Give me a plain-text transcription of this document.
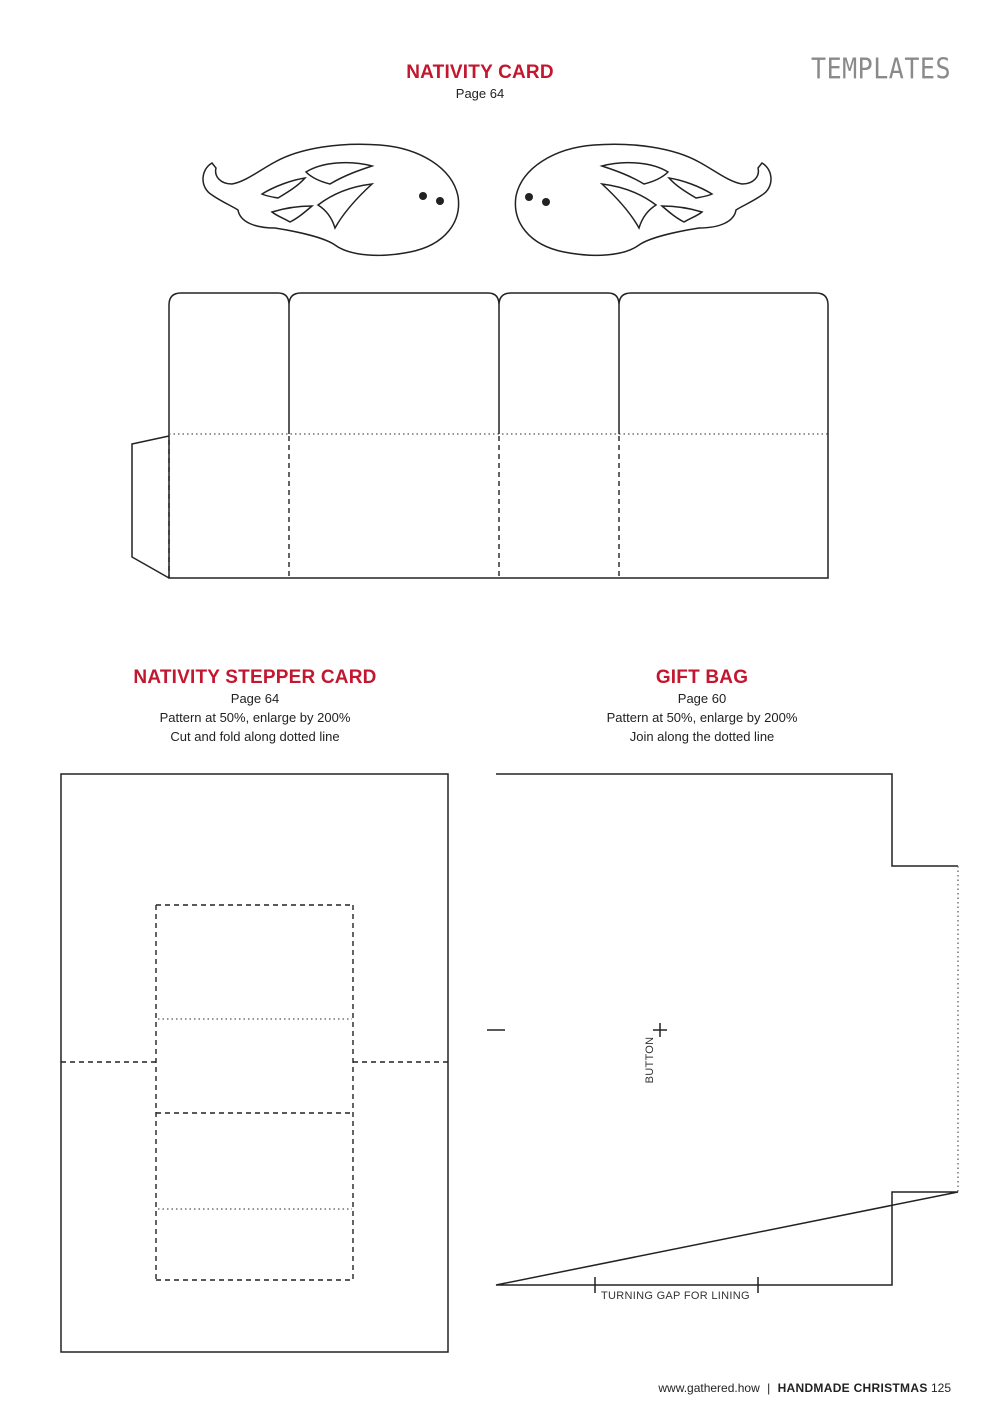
TEMPLATES

NATIVITY CARD

Page 64

NATIVITY STEPPER CARD

Page 64
Pattern at 50%, enlarge by 200%
Cut and fold along dotted line

GIFT BAG

Page 60
Pattern at 50%, enlarge by 200%
Join along the dotted line
BUTTON
TURNING GAP FOR LINING
www.gathered.how | HANDMADE CHRISTMAS 125
